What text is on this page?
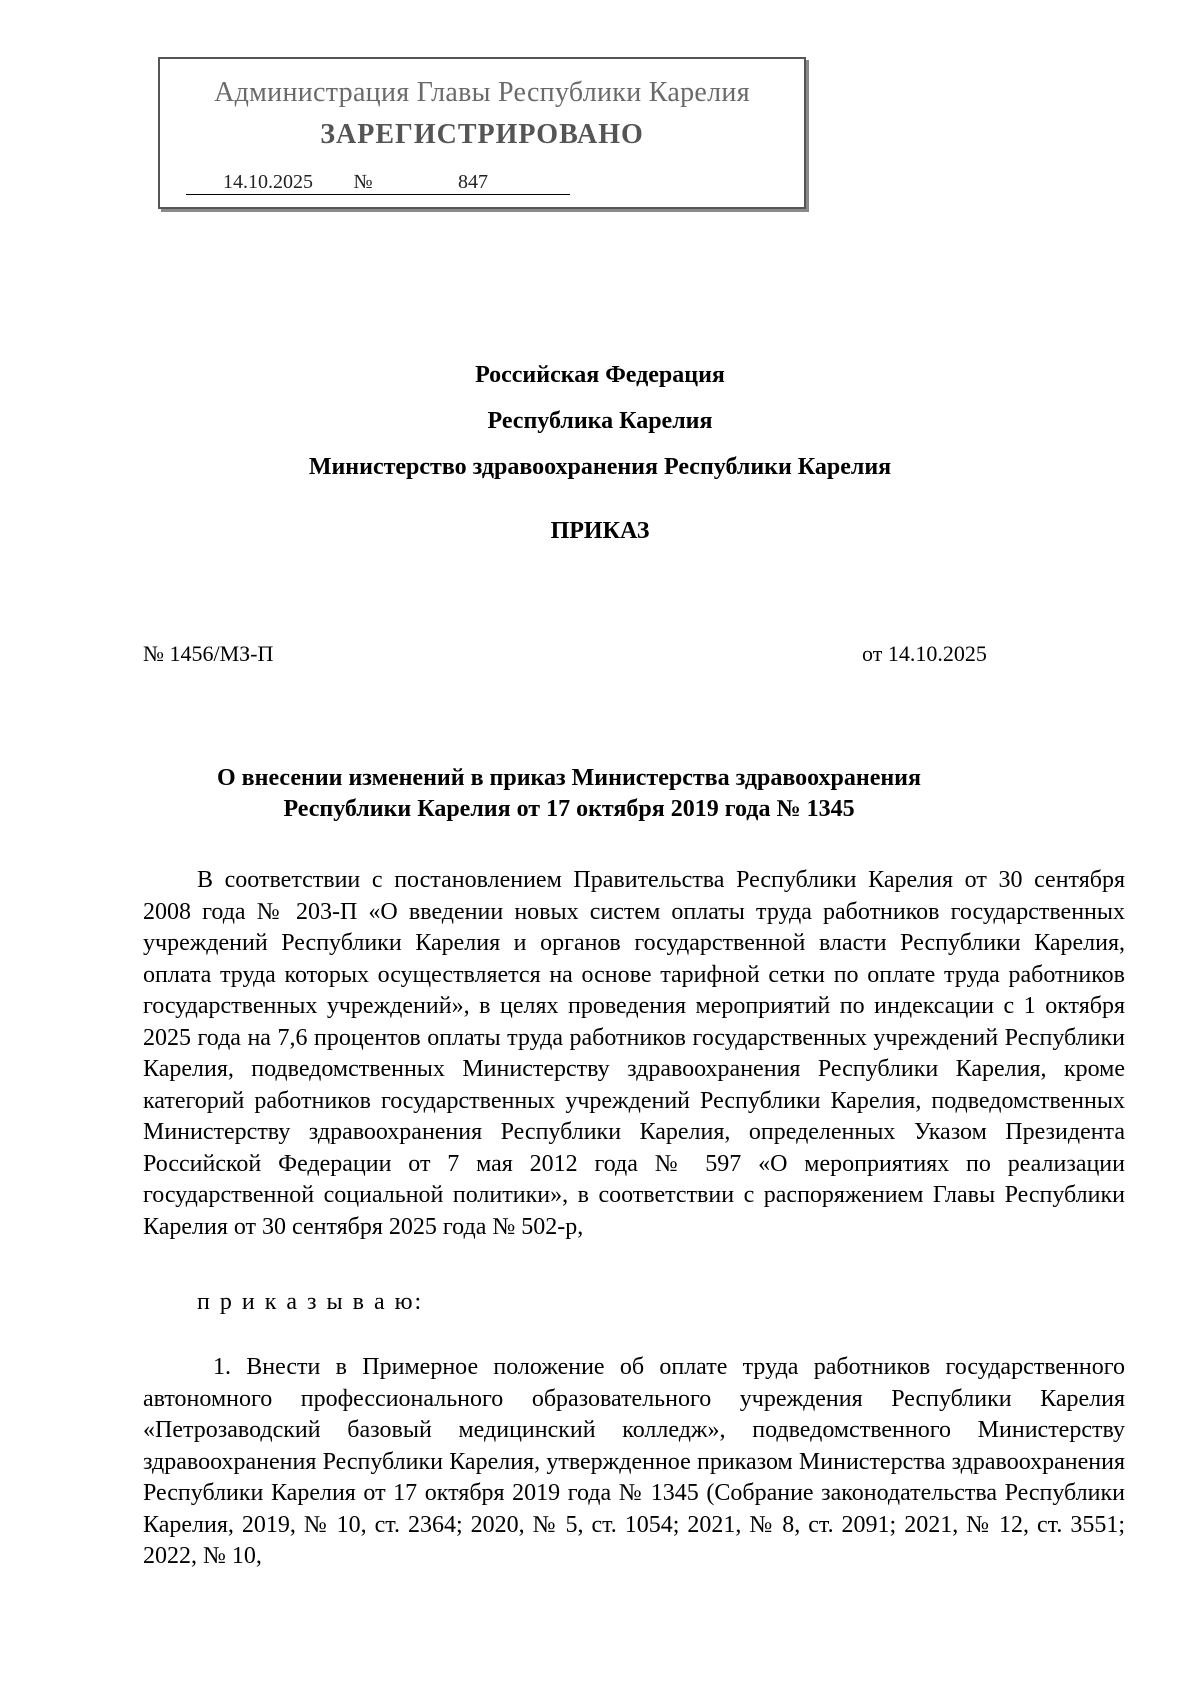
Администрация Главы Республики Карелия
ЗАРЕГИСТРИРОВАНО
14.10.2025	№	847
Российская Федерация
Республика Карелия
Министерство здравоохранения Республики Карелия
ПРИКАЗ
№ 1456/МЗ-П	от 14.10.2025
О внесении изменений в приказ Министерства здравоохранения
Республики Карелия от 17 октября 2019 года № 1345

В соответствии с постановлением Правительства Республики Карелия от 30 сентября 2008 года № 203-П «О введении новых систем оплаты труда работников государственных учреждений Республики Карелия и органов государственной власти Республики Карелия, оплата труда которых осуществляется на основе тарифной сетки по оплате труда работников государственных учреждений», в целях проведения мероприятий по индексации с 1 октября 2025 года на 7,6 процентов оплаты труда работников государственных учреждений Республики Карелия, подведомственных Министерству здравоохранения Республики Карелия, кроме категорий работников государственных учреждений Республики Карелия, подведомственных Министерству здравоохранения Республики Карелия, определенных Указом Президента Российской Федерации от 7 мая 2012 года № 597 «О мероприятиях по реализации государственной социальной политики», в соответствии с распоряжением Главы Республики Карелия от 30 сентября 2025 года № 502-р,

п р и к а з ы в а ю:

1. Внести в Примерное положение об оплате труда работников государственного автономного профессионального образовательного учреждения Республики Карелия «Петрозаводский базовый медицинский колледж», подведомственного Министерству здравоохранения Республики Карелия, утвержденное приказом Министерства здравоохранения Республики Карелия от 17 октября 2019 года № 1345 (Собрание законодательства Республики Карелия, 2019, № 10, ст. 2364; 2020, № 5, ст. 1054; 2021, № 8, ст. 2091; 2021, № 12, ст. 3551; 2022, № 10,
